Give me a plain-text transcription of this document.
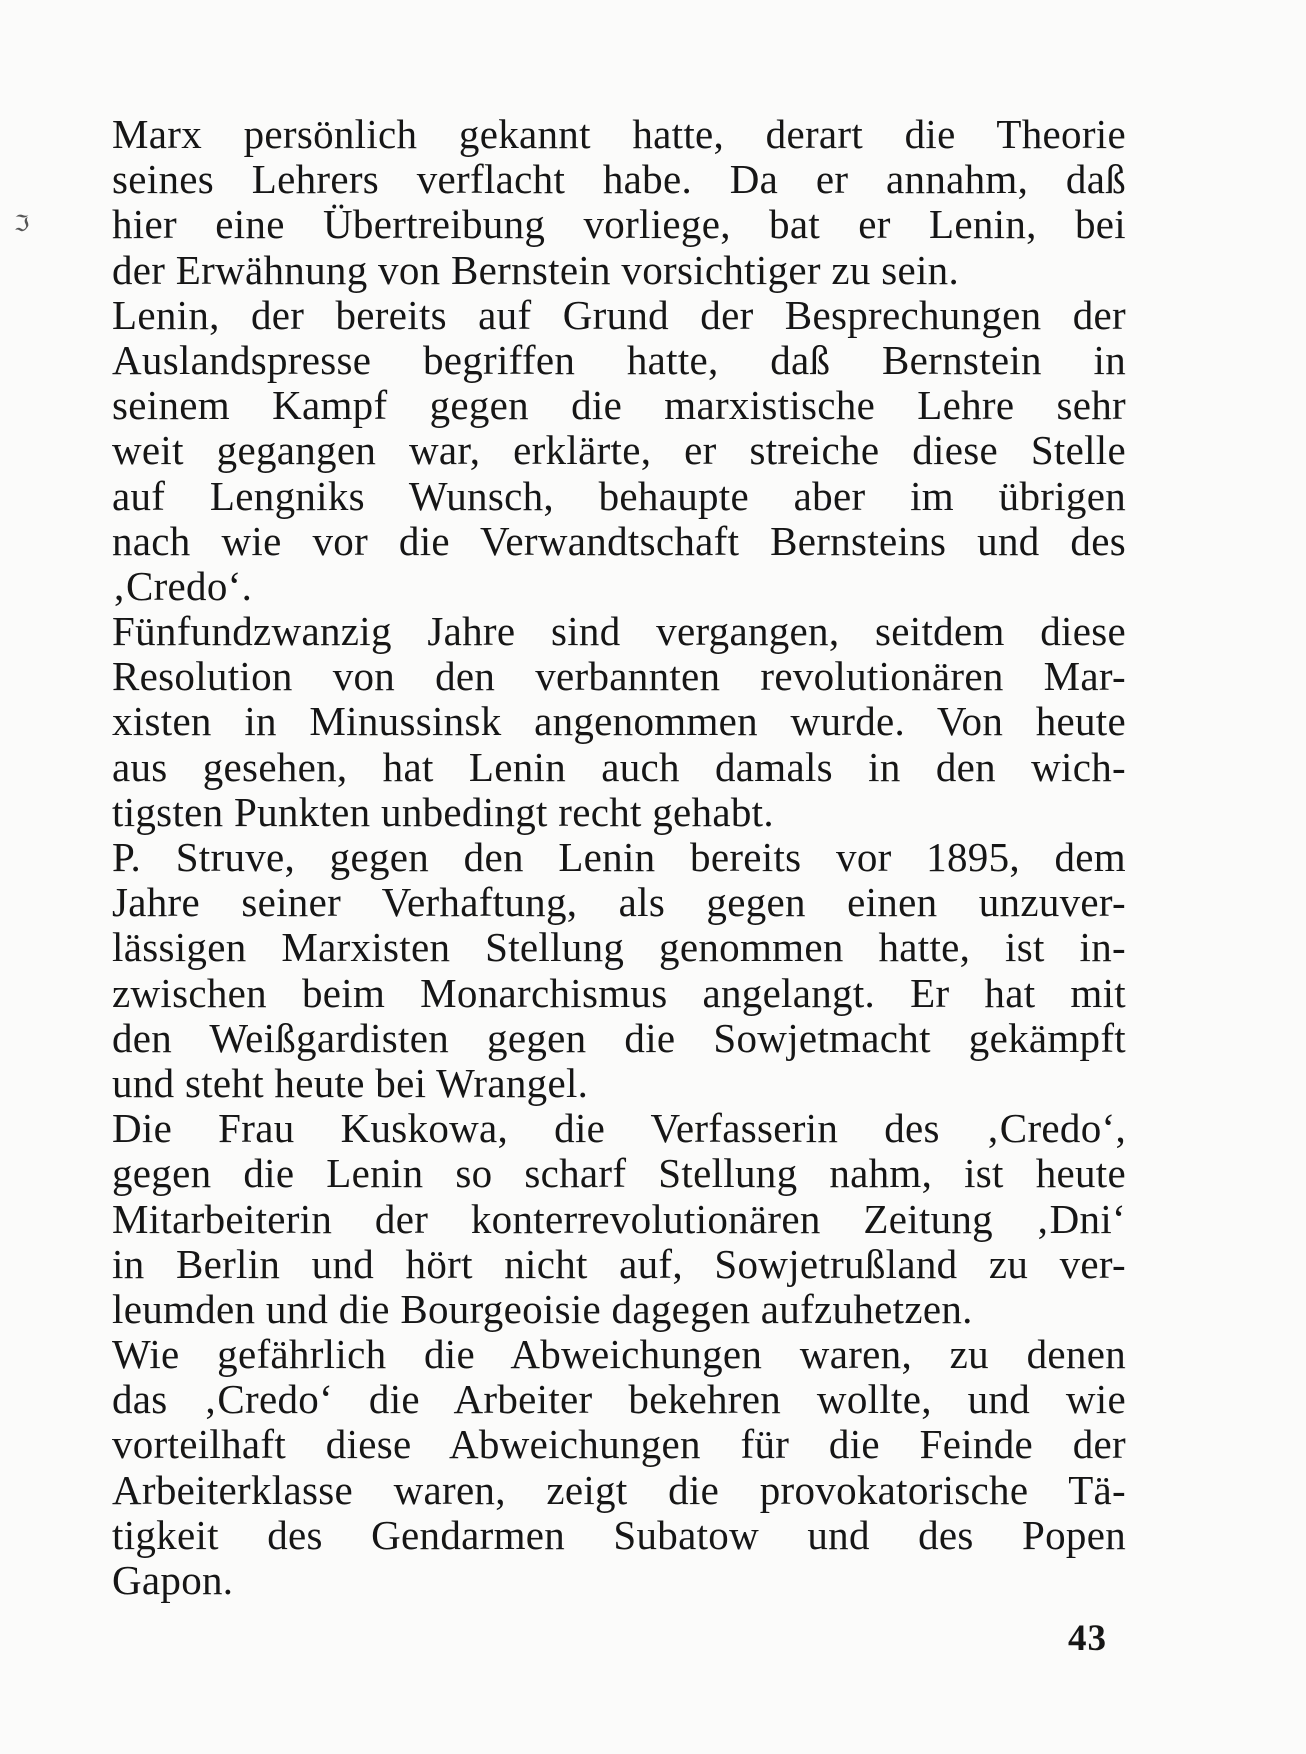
ℑ
Marx persönlich gekannt hatte, derart die Theorie
seines Lehrers verflacht habe. Da er annahm, daß
hier eine Übertreibung vorliege, bat er Lenin, bei
der Erwähnung von Bernstein vorsichtiger zu sein.
Lenin, der bereits auf Grund der Besprechungen der
Auslandspresse begriffen hatte, daß Bernstein in
seinem Kampf gegen die marxistische Lehre sehr
weit gegangen war, erklärte, er streiche diese Stelle
auf Lengniks Wunsch, behaupte aber im übrigen
nach wie vor die Verwandtschaft Bernsteins und des
‚Credo‘.
Fünfundzwanzig Jahre sind vergangen, seitdem diese
Resolution von den verbannten revolutionären Mar-
xisten in Minussinsk angenommen wurde. Von heute
aus gesehen, hat Lenin auch damals in den wich-
tigsten Punkten unbedingt recht gehabt.
P. Struve, gegen den Lenin bereits vor 1895, dem
Jahre seiner Verhaftung, als gegen einen unzuver-
lässigen Marxisten Stellung genommen hatte, ist in-
zwischen beim Monarchismus angelangt. Er hat mit
den Weißgardisten gegen die Sowjetmacht gekämpft
und steht heute bei Wrangel.
Die Frau Kuskowa, die Verfasserin des ‚Credo‘,
gegen die Lenin so scharf Stellung nahm, ist heute
Mitarbeiterin der konterrevolutionären Zeitung ‚Dni‘
in Berlin und hört nicht auf, Sowjetrußland zu ver-
leumden und die Bourgeoisie dagegen aufzuhetzen.
Wie gefährlich die Abweichungen waren, zu denen
das ‚Credo‘ die Arbeiter bekehren wollte, und wie
vorteilhaft diese Abweichungen für die Feinde der
Arbeiterklasse waren, zeigt die provokatorische Tä-
tigkeit des Gendarmen Subatow und des Popen
Gapon.
43
